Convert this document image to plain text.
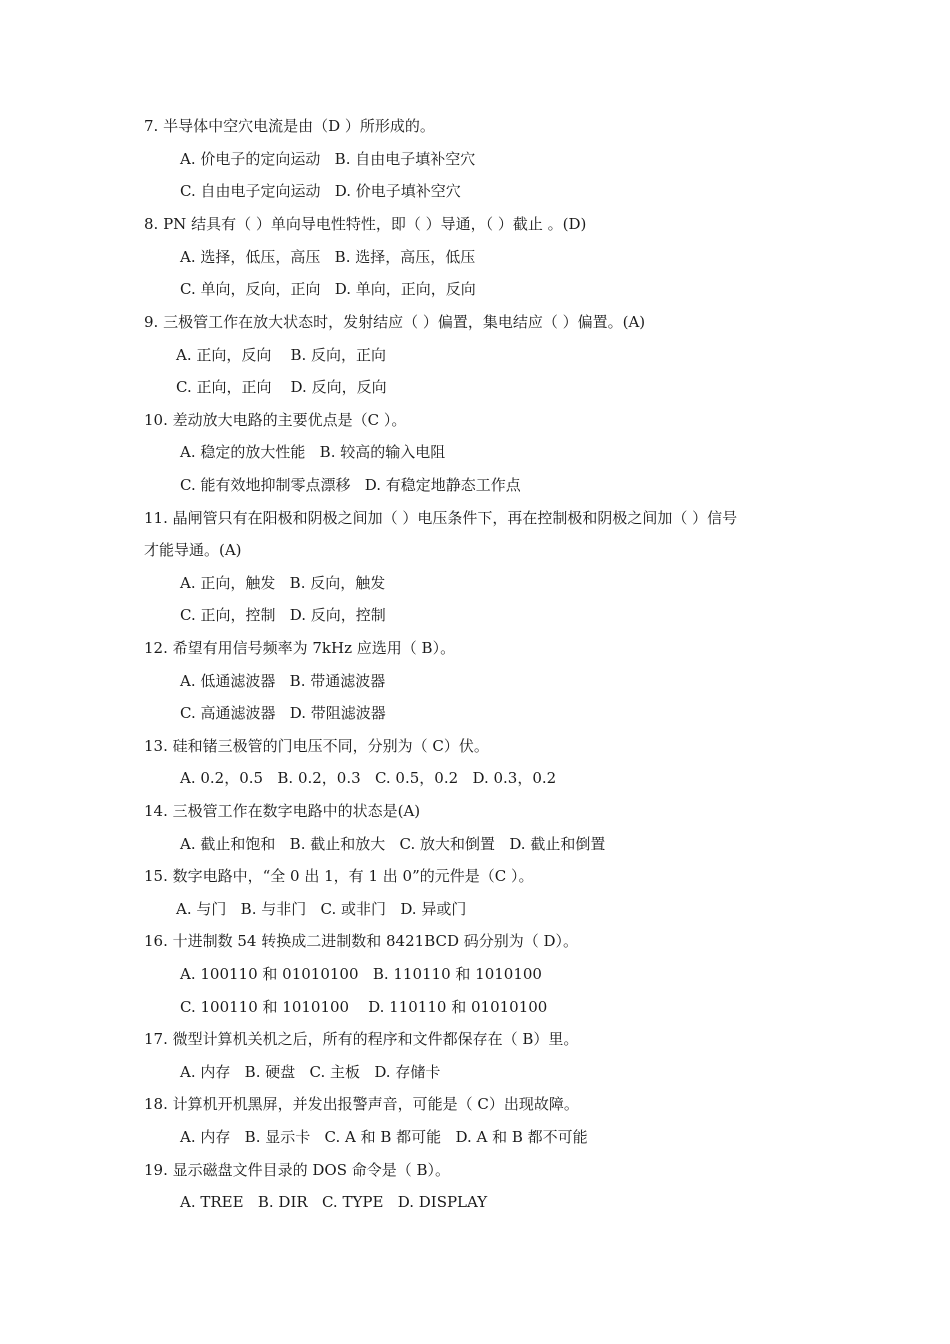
7. 半导体中空穴电流是由（D ）所形成的。
A. 价电子的定向运动   B. 自由电子填补空穴
C. 自由电子定向运动   D. 价电子填补空穴
8. PN 结具有（ ）单向导电性特性，即（ ）导通，（ ）截止 。(D)
A. 选择，低压，高压   B. 选择，高压，低压
C. 单向，反向，正向   D. 单向，正向，反向
9. 三极管工作在放大状态时，发射结应（ ）偏置，集电结应（ ）偏置。(A)
A. 正向，反向    B. 反向，正向
C. 正向，正向    D. 反向，反向
10. 差动放大电路的主要优点是（C ）。
A. 稳定的放大性能   B. 较高的输入电阻
C. 能有效地抑制零点漂移   D. 有稳定地静态工作点
11. 晶闸管只有在阳极和阴极之间加（ ）电压条件下，再在控制极和阴极之间加（ ）信号
才能导通。(A)
A. 正向，触发   B. 反向，触发
C. 正向，控制   D. 反向，控制
12. 希望有用信号频率为 7kHz 应选用（ B）。
A. 低通滤波器   B. 带通滤波器
C. 高通滤波器   D. 带阻滤波器
13. 硅和锗三极管的门电压不同，分别为（ C）伏。
A. 0.2，0.5   B. 0.2，0.3   C. 0.5，0.2   D. 0.3，0.2
14. 三极管工作在数字电路中的状态是(A)
A. 截止和饱和   B. 截止和放大   C. 放大和倒置   D. 截止和倒置
15. 数字电路中，“全 0 出 1，有 1 出 0”的元件是（C ）。
A. 与门   B. 与非门   C. 或非门   D. 异或门
16. 十进制数 54 转换成二进制数和 8421BCD 码分别为（ D）。
A. 100110 和 01010100   B. 110110 和 1010100
C. 100110 和 1010100    D. 110110 和 01010100
17. 微型计算机关机之后，所有的程序和文件都保存在（ B）里。
A. 内存   B. 硬盘   C. 主板   D. 存储卡
18. 计算机开机黑屏，并发出报警声音，可能是（ C）出现故障。
A. 内存   B. 显示卡   C. A 和 B 都可能   D. A 和 B 都不可能
19. 显示磁盘文件目录的 DOS 命令是（ B）。
A. TREE   B. DIR   C. TYPE   D. DISPLAY
